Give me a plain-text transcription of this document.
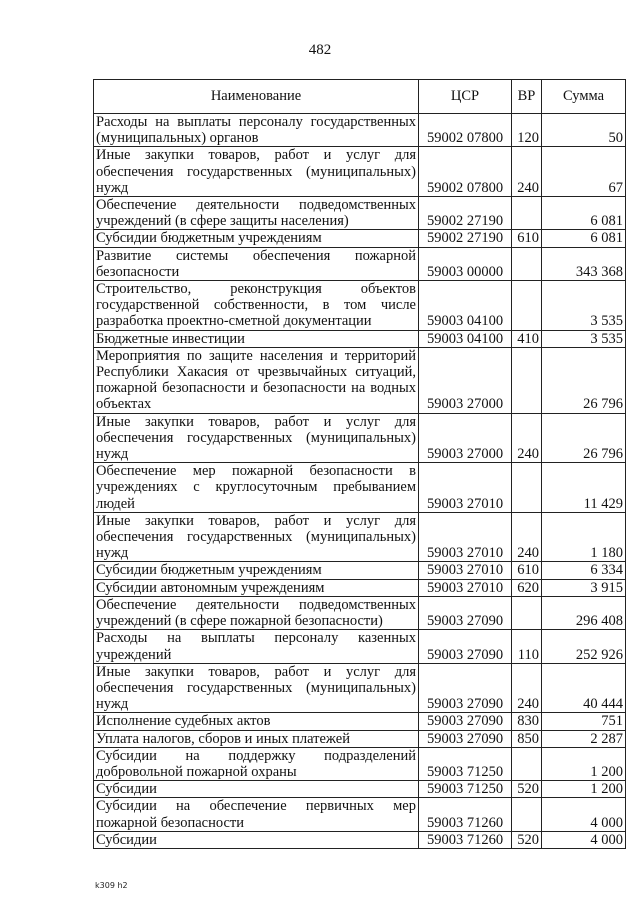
482
Наименование	ЦСР	ВР	Сумма
Расходы на выплаты персоналу государственных (муниципальных) органов	59002 07800	120	50
Иные закупки товаров, работ и услуг для обеспечения государственных (муниципальных) нужд	59002 07800	240	67
Обеспечение деятельности подведомственных учреждений (в сфере защиты населения)	59002 27190		6 081
Субсидии бюджетным учреждениям	59002 27190	610	6 081
Развитие системы обеспечения пожарной безопасности	59003 00000		343 368
Строительство, реконструкция объектов государственной собственности, в том числе разработка проектно-сметной документации	59003 04100		3 535
Бюджетные инвестиции	59003 04100	410	3 535
Мероприятия по защите населения и территорий Республики Хакасия от чрезвычайных ситуаций, пожарной безопасности и безопасности на водных объектах	59003 27000		26 796
Иные закупки товаров, работ и услуг для обеспечения государственных (муниципальных) нужд	59003 27000	240	26 796
Обеспечение мер пожарной безопасности в учреждениях с круглосуточным пребыванием людей	59003 27010		11 429
Иные закупки товаров, работ и услуг для обеспечения государственных (муниципальных) нужд	59003 27010	240	1 180
Субсидии бюджетным учреждениям	59003 27010	610	6 334
Субсидии автономным учреждениям	59003 27010	620	3 915
Обеспечение деятельности подведомственных учреждений (в сфере пожарной безопасности)	59003 27090		296 408
Расходы на выплаты персоналу казенных учреждений	59003 27090	110	252 926
Иные закупки товаров, работ и услуг для обеспечения государственных (муниципальных) нужд	59003 27090	240	40 444
Исполнение судебных актов	59003 27090	830	751
Уплата налогов, сборов и иных платежей	59003 27090	850	2 287
Субсидии на поддержку подразделений добровольной пожарной охраны	59003 71250		1 200
Субсидии	59003 71250	520	1 200
Субсидии на обеспечение первичных мер пожарной безопасности	59003 71260		4 000
Субсидии	59003 71260	520	4 000
k309 h2
